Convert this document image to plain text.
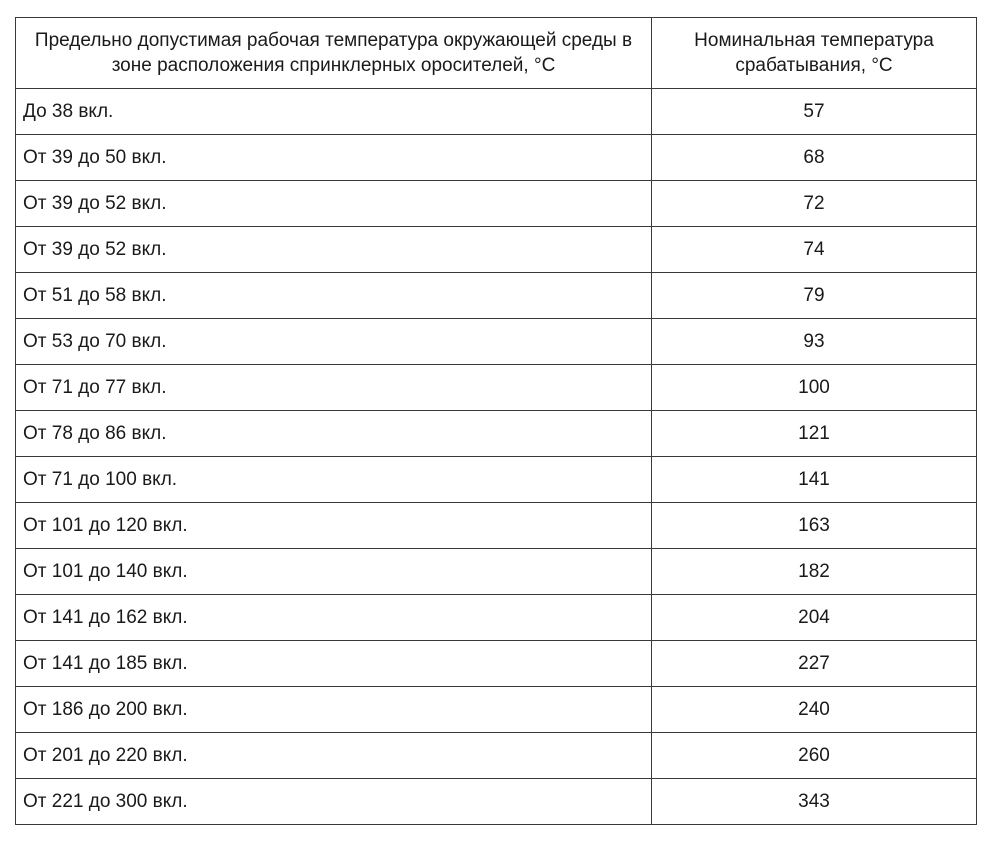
Предельно допустимая рабочая температура окружающей среды в зоне расположения спринклерных оросителей, °С	Номинальная температура срабатывания, °С
До 38 вкл.	57
От 39 до 50 вкл.	68
От 39 до 52 вкл.	72
От 39 до 52 вкл.	74
От 51 до 58 вкл.	79
От 53 до 70 вкл.	93
От 71 до 77 вкл.	100
От 78 до 86 вкл.	121
От 71 до 100 вкл.	141
От 101 до 120 вкл.	163
От 101 до 140 вкл.	182
От 141 до 162 вкл.	204
От 141 до 185 вкл.	227
От 186 до 200 вкл.	240
От 201 до 220 вкл.	260
От 221 до 300 вкл.	343
